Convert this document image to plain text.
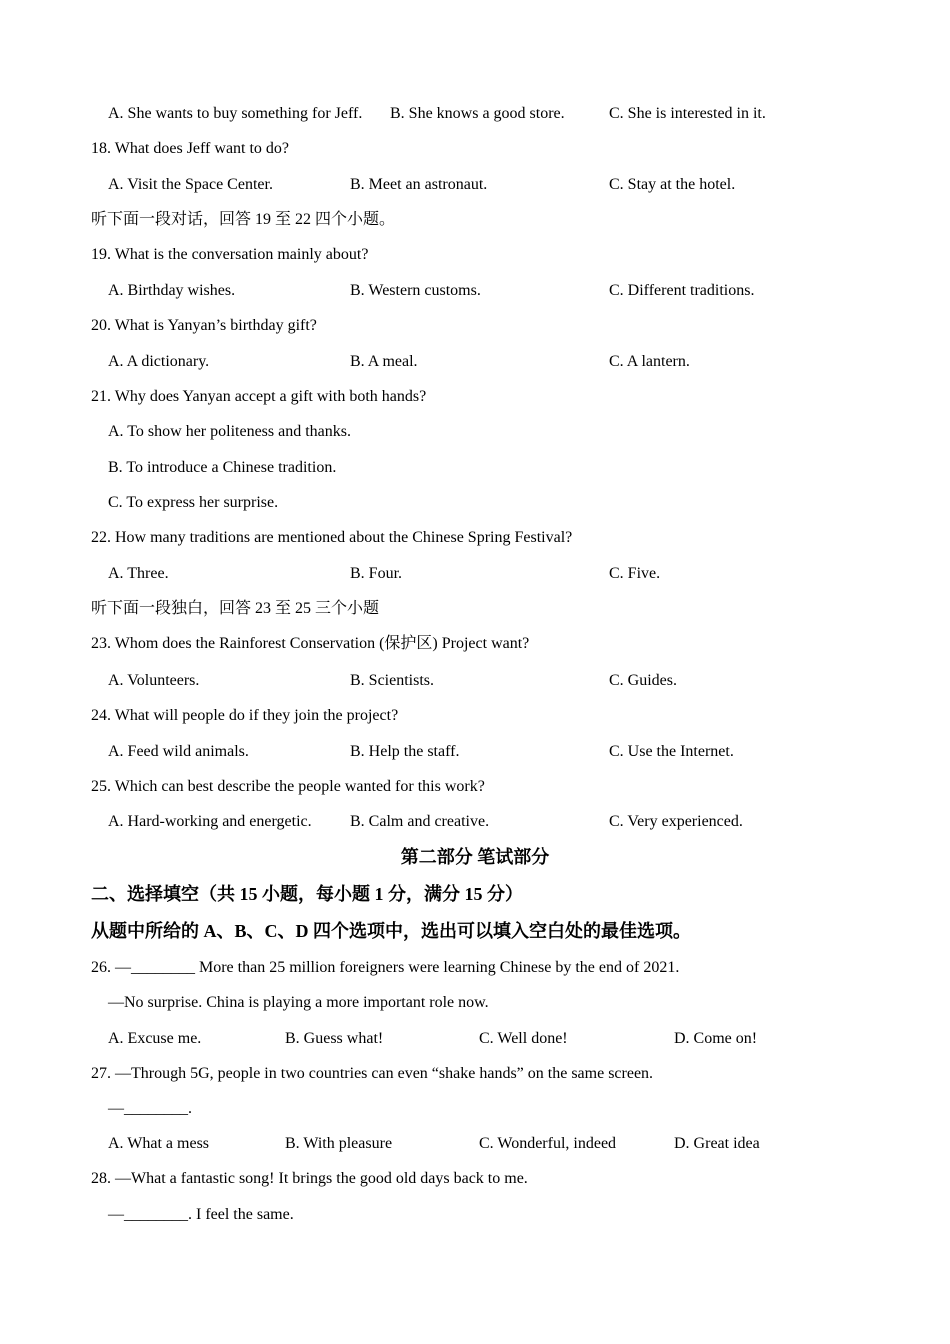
A. She wants to buy something for Jeff. B. She knows a good store.	C. She is interested in it.
18. What does Jeff want to do?
A. Visit the Space Center.	B. Meet an astronaut.	C. Stay at the hotel.
听下面一段对话，回答 19 至 22 四个小题。
19. What is the conversation mainly about?
A. Birthday wishes.	B. Western customs.	C. Different traditions.
20. What is Yanyan’s birthday gift?
A. A dictionary.	B. A meal.	C. A lantern.
21. Why does Yanyan accept a gift with both hands?
A. To show her politeness and thanks.
B. To introduce a Chinese tradition.
C. To express her surprise.
22. How many traditions are mentioned about the Chinese Spring Festival?
A. Three.	B. Four.	C. Five.
听下面一段独白，回答 23 至 25 三个小题
23. Whom does the Rainforest Conservation (保护区) Project want?
A. Volunteers.	B. Scientists.	C. Guides.
24. What will people do if they join the project?
A. Feed wild animals.	B. Help the staff.	C. Use the Internet.
25. Which can best describe the people wanted for this work?
A. Hard-working and energetic. B. Calm and creative.	C. Very experienced.
第二部分 笔试部分
二、选择填空（共 15 小题，每小题 1 分，满分 15 分）
从题中所给的 A、B、C、D 四个选项中，选出可以填入空白处的最佳选项。
26. —________ More than 25 million foreigners were learning Chinese by the end of 2021.
—No surprise. China is playing a more important role now.
A. Excuse me.	B. Guess what!	C. Well done!	D. Come on!
27. —Through 5G, people in two countries can even “shake hands” on the same screen.
—________.
A. What a mess	B. With pleasure	C. Wonderful, indeed	D. Great idea
28. —What a fantastic song! It brings the good old days back to me.
—________. I feel the same.
